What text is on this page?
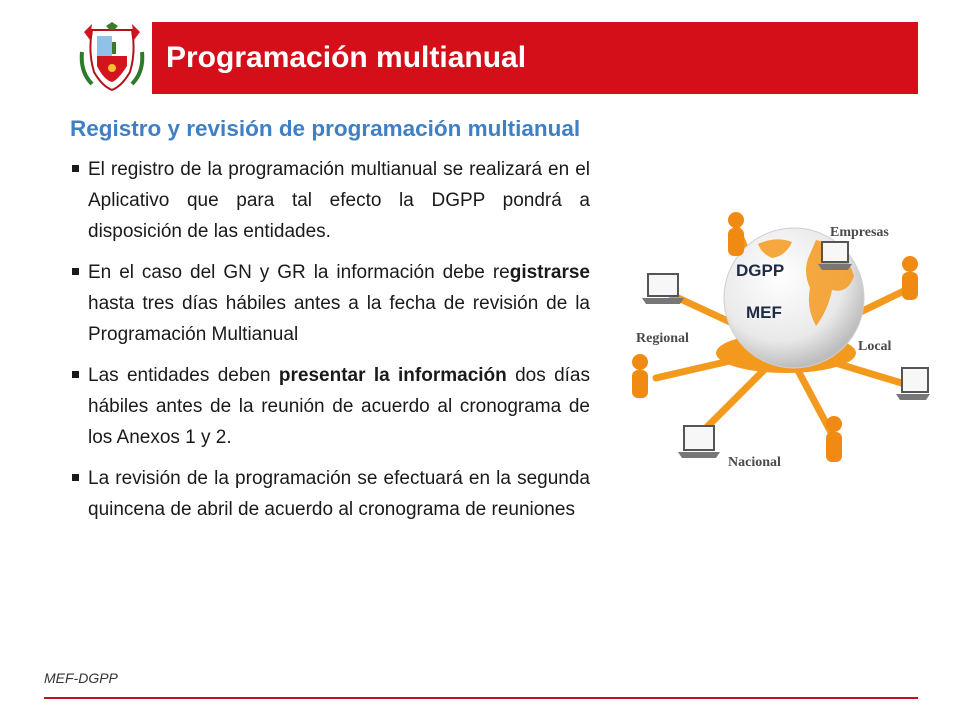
Programación multianual
Registro y revisión de programación multianual
El registro de la programación multianual se realizará en el Aplicativo que para tal efecto la DGPP pondrá a disposición de las entidades.
En el caso del GN y GR la información debe registrarse hasta tres días hábiles antes a la fecha de revisión de la Programación Multianual
Las entidades deben presentar la información dos días hábiles antes de la reunión de acuerdo al cronograma de los Anexos 1 y 2.
La revisión de la programación se efectuará en la segunda quincena de abril de acuerdo al cronograma de reuniones
DGPP
MEF
Empresas
Regional
Local
Nacional
MEF-DGPP
